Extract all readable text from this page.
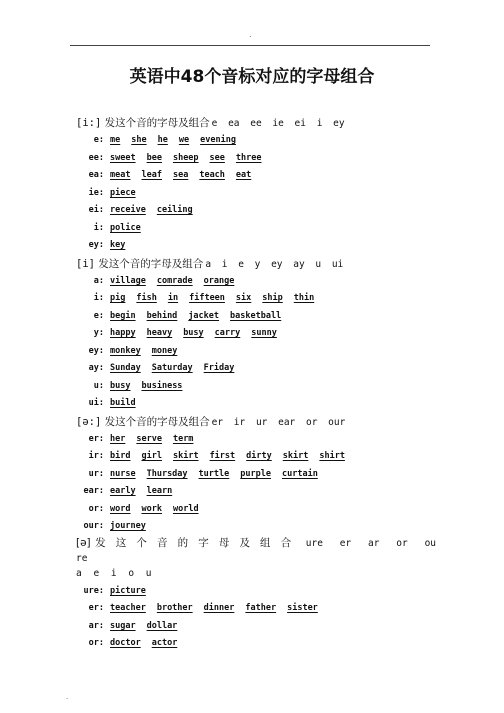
.
英语中48个音标对应的字母组合
[i:] 发这个音的字母及组合 e ea ee ie ei i ey
e: me she he we evening
ee: sweet bee sheep see three
ea: meat leaf sea teach eat
ie: piece
ei: receive ceiling
i: police
ey: key
[i] 发这个音的字母及组合 a i e y ey ay u ui
a: village comrade orange
i: pig fish in fifteen six ship thin
e: begin behind jacket basketball
y: happy heavy busy carry sunny
ey: monkey money
ay: Sunday Saturday Friday
u: busy business
ui: build
[ə:] 发这个音的字母及组合 er ir ur ear or our
er: her serve term
ir: bird girl skirt first dirty skirt shirt
ur: nurse Thursday turtle purple curtain
ear: early learn
or: word work world
our: journey
[ə] 发这个音的字母及组合 ure er ar or ou re
a e i o u
ure: picture
er: teacher brother dinner father sister
ar: sugar dollar
or: doctor actor
.
